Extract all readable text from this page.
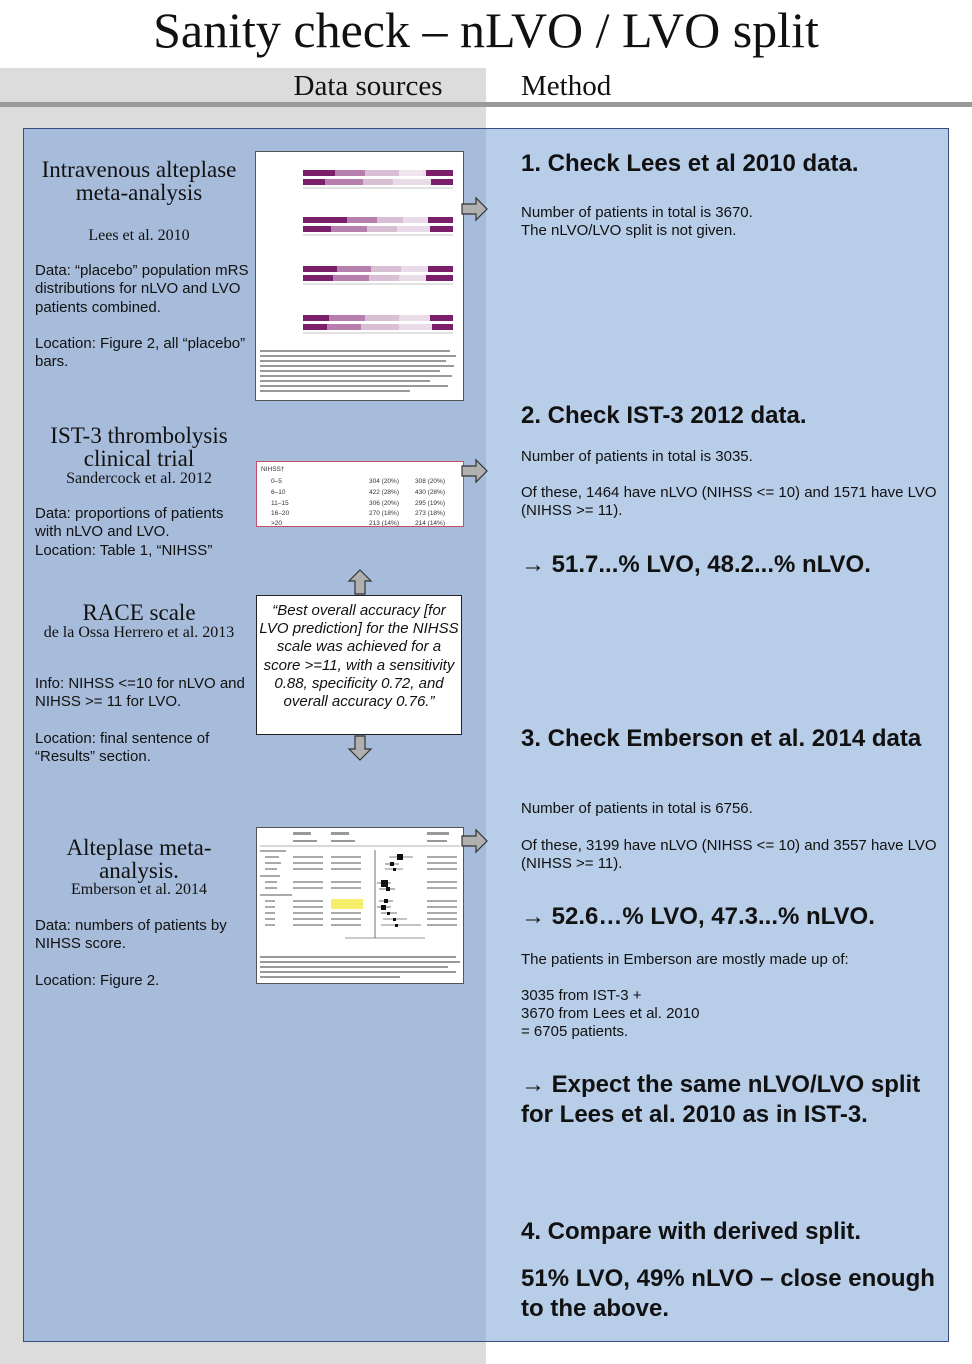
Sanity check – nLVO / LVO split
Data sources	Method
Intravenous alteplase meta-analysis
Lees et al. 2010
Data: “placebo” population mRS distributions for nLVO and LVO patients combined.
Location: Figure 2, all “placebo” bars.
IST-3 thrombolysis clinical trial
Sandercock et al. 2012
Data: proportions of patients with nLVO and LVO.
Location: Table 1, “NIHSS”
NIHSS†
0–5	304 (20%) 308 (20%)
6–10	422 (28%) 430 (28%)
11–15	306 (20%) 295 (19%)
16–20	270 (18%) 273 (18%)
>20	213 (14%) 214 (14%)
RACE scale
de la Ossa Herrero et al. 2013
Info: NIHSS <=10 for nLVO and NIHSS >= 11 for LVO.
Location: final sentence of “Results” section.
“Best overall accuracy [for LVO prediction] for the NIHSS scale was achieved for a score >=11, with a sensitivity 0.88, specificity 0.72, and overall accuracy 0.76.”
Alteplase meta-analysis.
Emberson et al. 2014
Data: numbers of patients by NIHSS score.
Location: Figure 2.
1. Check Lees et al 2010 data.
Number of patients in total is 3670.
The nLVO/LVO split is not given.
2. Check IST-3 2012 data.
Number of patients in total is 3035.
Of these, 1464 have nLVO (NIHSS <= 10) and 1571 have LVO (NIHSS >= 11).
→ 51.7...% LVO, 48.2...% nLVO.
3. Check Emberson et al. 2014 data
Number of patients in total is 6756.
Of these, 3199 have nLVO (NIHSS <= 10) and 3557 have LVO (NIHSS >= 11).
→ 52.6…% LVO, 47.3...% nLVO.
The patients in Emberson are mostly made up of:
3035 from IST-3 +
3670 from Lees et al. 2010
= 6705 patients.
→ Expect the same nLVO/LVO split for Lees et al. 2010 as in IST-3.
4. Compare with derived split.
51% LVO, 49% nLVO – close enough to the above.
